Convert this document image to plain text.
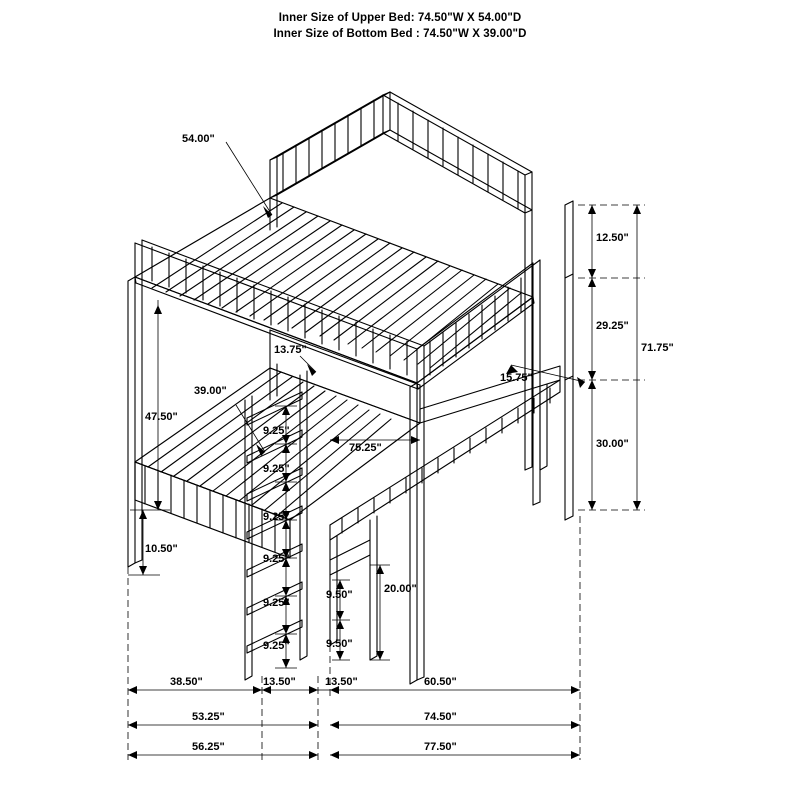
Inner Size of Upper Bed: 74.50"W X 54.00"D
Inner Size of Bottom Bed : 74.50"W X 39.00"D
54.00"
12.50"
29.25"
71.75"
30.00"
47.50"
39.00"
13.75"
15.75"
75.25"
10.50"
9.25"
9.25"
9.25"
9.25"
9.25"
9.25"
20.00"
9.50"
9.50"
38.50"	13.50"	13.50"	60.50"
53.25"	74.50"
56.25"	77.50"
